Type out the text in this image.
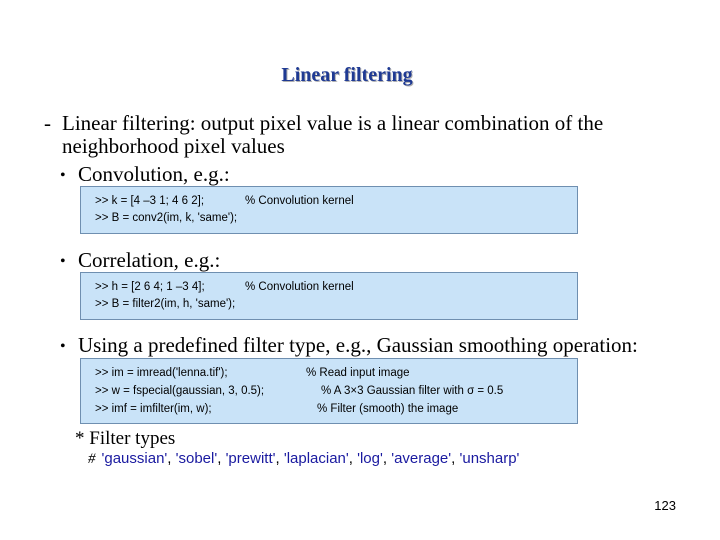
Linear filtering
- Linear filtering: output pixel value is a linear combination of the neighborhood pixel values
• Convolution, e.g.:
>> k = [4 –3 1; 4 6 2];	% Convolution kernel
>> B = conv2(im, k, 'same');
• Correlation, e.g.:
>> h = [2 6 4; 1 –3 4];	% Convolution kernel
>> B = filter2(im, h, 'same');
• Using a predefined filter type, e.g., Gaussian smoothing operation:
>> im = imread('lenna.tif');	% Read input image
>> w = fspecial(gaussian, 3, 0.5);	% A 3×3 Gaussian filter with σ = 0.5
>> imf = imfilter(im, w);	% Filter (smooth) the image
* Filter types
# 'gaussian', 'sobel', 'prewitt', 'laplacian', 'log', 'average', 'unsharp'
123
